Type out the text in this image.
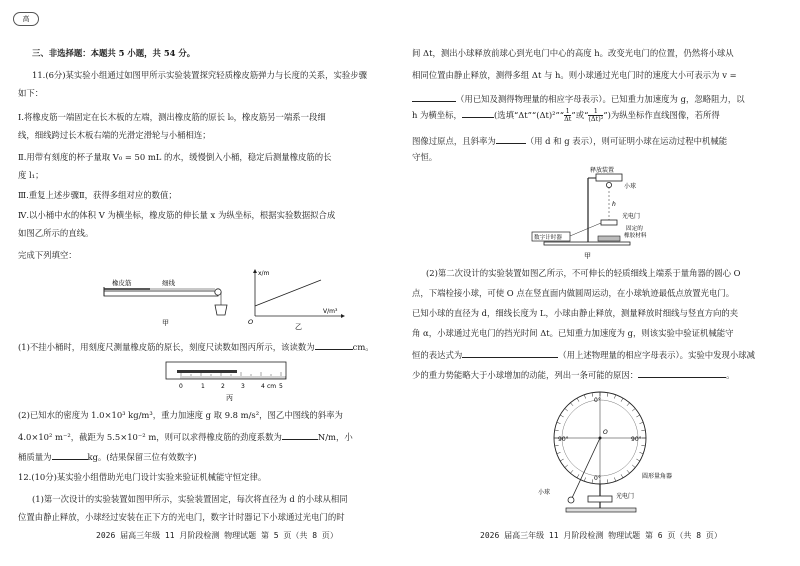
高

三、非选择题：本题共 5 小题，共 54 分。

11.(6分)某实验小组通过如图甲所示实验装置探究轻质橡皮筋弹力与长度的关系，实验步骤

如下：

Ⅰ.将橡皮筋一端固定在长木板的左端，测出橡皮筋的原长 l₀，橡皮筋另一端系一段细

线，细线跨过长木板右端的光滑定滑轮与小桶相连；

Ⅱ.用带有刻度的杯子量取 V₀ = 50 mL 的水，缓慢倒入小桶，稳定后测量橡皮筋的长

度 l₁；

Ⅲ.重复上述步骤Ⅱ，获得多组对应的数值；

Ⅳ.以小桶中水的体积 V 为横坐标，橡皮筋的伸长量 x 为纵坐标，根据实验数据拟合成

如图乙所示的直线。

完成下列填空：

橡皮筋	细线
甲
x/m
V/m³
O
乙

(1)不挂小桶时，用刻度尺测量橡皮筋的原长，刻度尺读数如图丙所示，该读数为	cm。

0	1	2	3	4 cm 5
丙

(2)已知水的密度为 1.0×10³ kg/m³，重力加速度 g 取 9.8 m/s²，图乙中图线的斜率为

4.0×10² m⁻²，截距为 5.5×10⁻² m，则可以求得橡皮筋的劲度系数为	N/m，小

桶质量为	kg。(结果保留三位有效数字)

12.(10分)某实验小组借助光电门设计实验来验证机械能守恒定律。

(1)第一次设计的实验装置如图甲所示，实验装置固定，每次将直径为 d 的小球从相同

位置由静止释放，小球经过安装在正下方的光电门，数字计时器记下小球通过光电门的时

2026 届高三年级 11 月阶段检测 物理试题 第 5 页（共 8 页）

间 Δt，测出小球释放前球心到光电门中心的高度 h。改变光电门的位置，仍然将小球从

相同位置由静止释放，测得多组 Δt 与 h。则小球通过光电门时的速度大小可表示为 v =

（用已知及测得物理量的相应字母表示）。已知重力加速度为 g，忽略阻力，以

h 为横坐标，	(选填“Δt”“(Δt)²”“ $\frac{1}{\Delta t}$ ”或“ $\frac{1}{\text{(Δt)²}}$ ”)为纵坐标作直线图像，若所得

图像过原点，且斜率为	（用 d 和 g 表示），则可证明小球在运动过程中机械能

守恒。

释放装置
小球
h
光电门
数字计时器
固定的
橡胶材料
甲

(2)第二次设计的实验装置如图乙所示，不可伸长的轻质细线上端系于量角器的圆心 O

点，下端栓接小球，可使 O 点在竖直面内做圆周运动，在小球轨迹最低点放置光电门。

已知小球的直径为 d，细线长度为 L，小球由静止释放，测量释放时细线与竖直方向的夹

角 α，小球通过光电门的挡光时间 Δt。已知重力加速度为 g，则该实验中验证机械能守

恒的表达式为	（用上述物理量的相应字母表示）。实验中发现小球减

少的重力势能略大于小球增加的动能，列出一条可能的原因：	。

0°
90°	90°
0°
O
圆形量角器
小球
光电门
2026 届高三年级 11 月阶段检测 物理试题 第 6 页（共 8 页）
